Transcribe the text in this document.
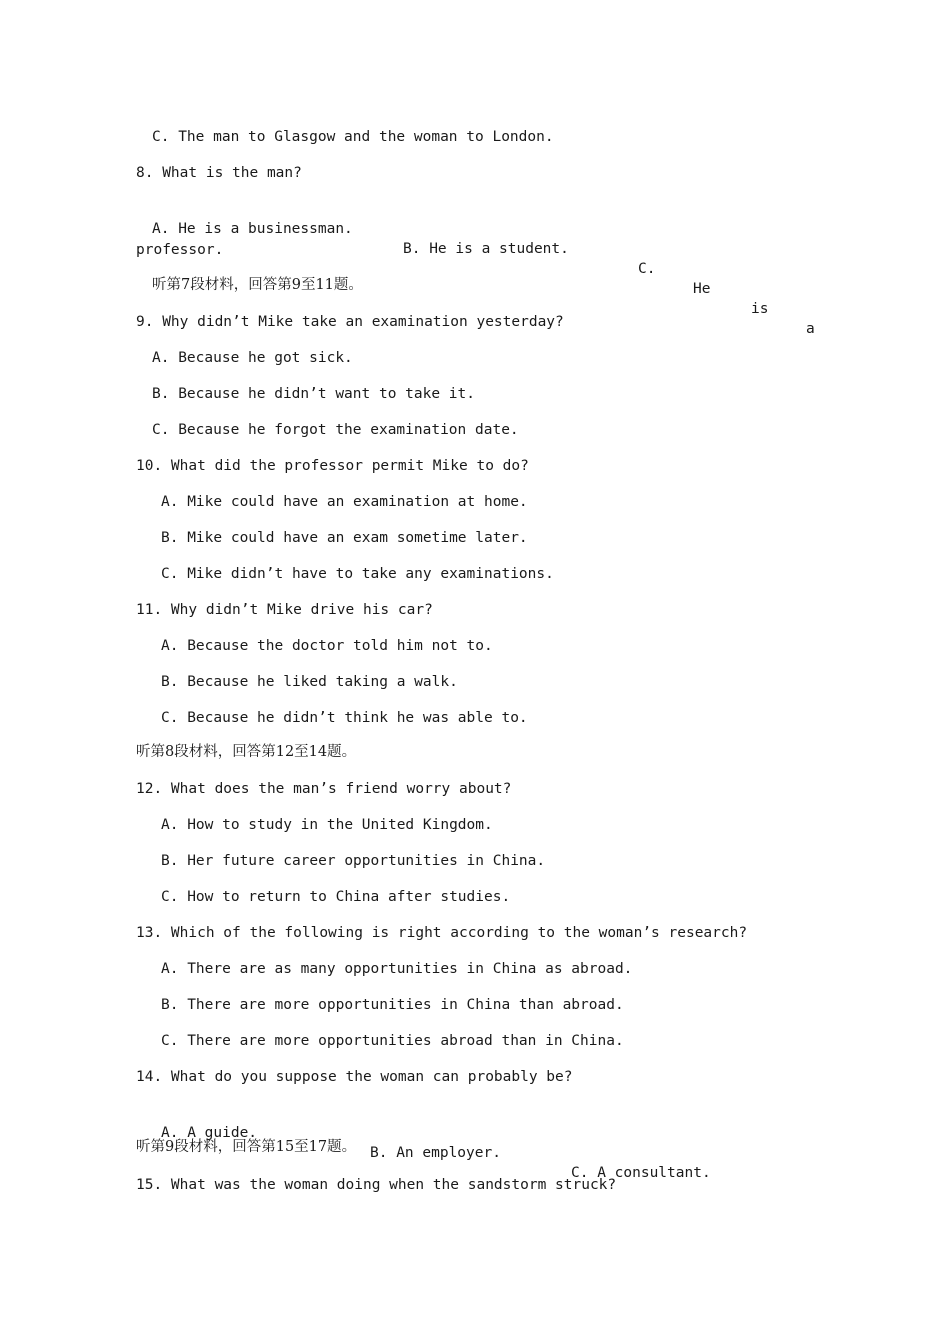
C. The man to Glasgow and the woman to London.
8. What is the man?

A. He is a businessman.

B. He is a student.

C.

He

is

a

professor.
听第7段材料，回答第9至11题。
9. Why didn’t Mike take an examination yesterday?
A. Because he got sick.
B. Because he didn’t want to take it.
C. Because he forgot the examination date.
10. What did the professor permit Mike to do?
A. Mike could have an examination at home.
B. Mike could have an exam sometime later.
C. Mike didn’t have to take any examinations.
11. Why didn’t Mike drive his car?
A. Because the doctor told him not to.
B. Because he liked taking a walk.
C. Because he didn’t think he was able to.
听第8段材料，回答第12至14题。
12. What does the man’s friend worry about?
A. How to study in the United Kingdom.
B. Her future career opportunities in China.
C. How to return to China after studies.
13. Which of the following is right according to the woman’s research?
A. There are as many opportunities in China as abroad.
B. There are more opportunities in China than abroad.
C. There are more opportunities abroad than in China.
14. What do you suppose the woman can probably be?

A. A guide.

B. An employer.

C. A consultant.

听第9段材料，回答第15至17题。
15. What was the woman doing when the sandstorm struck?
